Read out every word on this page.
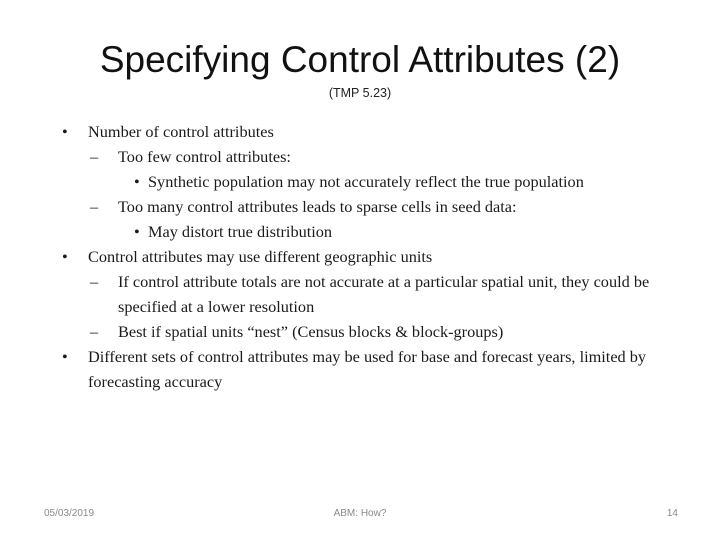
Specifying Control Attributes (2)
(TMP 5.23)
•	Number of control attributes
–	Too few control attributes:
• Synthetic population may not accurately reflect the true population
–	Too many control attributes leads to sparse cells in seed data:
• May distort true distribution
•	Control attributes may use different geographic units
–	If control attribute totals are not accurate at a particular spatial unit, they could be specified at a lower resolution
–	Best if spatial units “nest” (Census blocks & block-groups)
•	Different sets of control attributes may be used for base and forecast years, limited by forecasting accuracy
05/03/2019	ABM: How?	14
